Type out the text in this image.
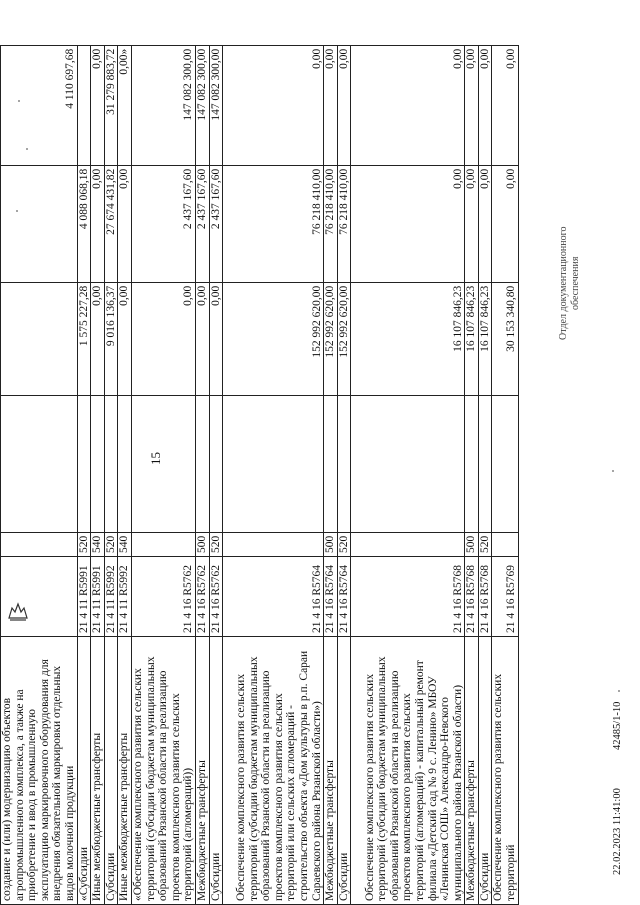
создание и (или) модернизацию объектов агропромышленного комплекса, а также на приобретение и ввод в промышленную эксплуатацию маркировочного оборудования для внедрения обязательной маркировки отдельных видов молочной продукции						4 110 697,68
«Субсидии	21 4 11 R5991	520		1 575 227,28	4 088 068,18	
Иные межбюджетные трансферты	21 4 11 R5991	540		0,00	0,00	0,00
Субсидии	21 4 11 R5992	520		9 016 136,37	27 674 431,82	31 279 883,72
Иные межбюджетные трансферты	21 4 11 R5992	540		0,00	0,00	0,00»
«Обеспечение комплексного развития сельских территорий (субсидии бюджетам муниципальных образований Рязанской области на реализацию проектов комплексного развития сельских территорий (агломераций))	21 4 16 R5762			0,00	2 437 167,60	147 082 300,00
Межбюджетные трансферты	21 4 16 R5762	500		0,00	2 437 167,60	147 082 300,00
Субсидии	21 4 16 R5762	520		0,00	2 437 167,60	147 082 300,00
Обеспечение комплексного развития сельских территорий (субсидии бюджетам муниципальных образований Рязанской области на реализацию проектов комплексного развития сельских территорий или сельских агломераций - строительство объекта «Дом культуры в р.п. Сараи Сараевского района Рязанской области»)	21 4 16 R5764			152 992 620,00	76 218 410,00	0,00
Межбюджетные трансферты	21 4 16 R5764	500		152 992 620,00	76 218 410,00	0,00
Субсидии	21 4 16 R5764	520		152 992 620,00	76 218 410,00	0,00
Обеспечение комплексного развития сельских территорий (субсидии бюджетам муниципальных образований Рязанской области на реализацию проектов комплексного развития сельских территорий (агломераций) - капитальный ремонт филиала «Детский сад № 9 с. Ленино» МБОУ «Ленинская СОШ» Александро-Невского муниципального района Рязанской области)	21 4 16 R5768			16 107 846,23	0,00	0,00
Межбюджетные трансферты	21 4 16 R5768	500		16 107 846,23	0,00	0,00
Субсидии	21 4 16 R5768	520		16 107 846,23	0,00	0,00
Обеспечение комплексного развития сельских территорий	21 4 16 R5769			30 153 340,80	0,00	0,00
15
22.02.2023 11:41:00
42485/1-10
Отдел документационного обеспечения
